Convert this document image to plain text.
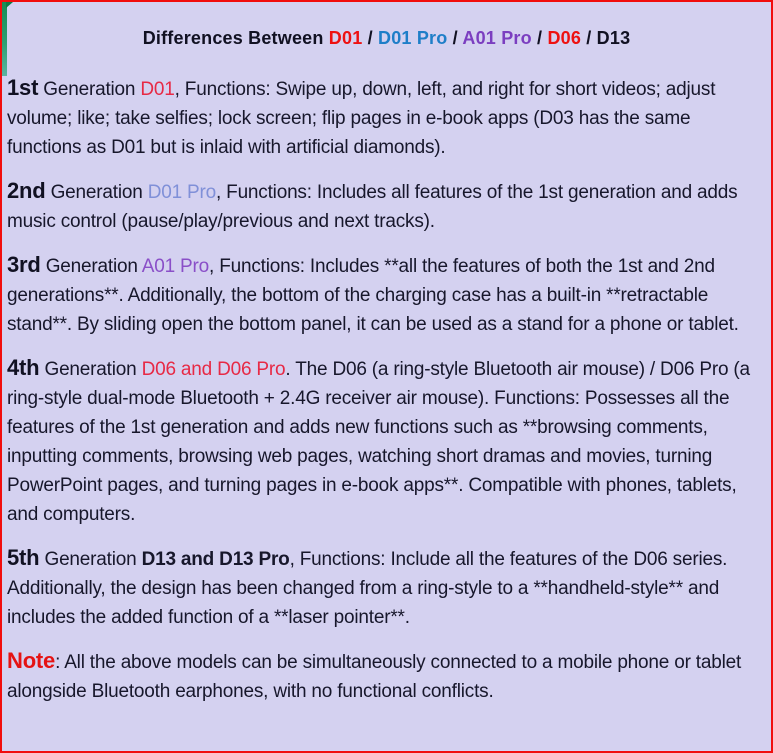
Differences Between D01 / D01 Pro / A01 Pro / D06 / D13

1st Generation D01, Functions: Swipe up, down, left, and right for short videos; adjust volume; like; take selfies; lock screen; flip pages in e-book apps (D03 has the same functions as D01 but is inlaid with artificial diamonds).

2nd Generation D01 Pro, Functions: Includes all features of the 1st generation and adds music control (pause/play/previous and next tracks).

3rd Generation A01 Pro, Functions: Includes **all the features of both the 1st and 2nd generations**. Additionally, the bottom of the charging case has a built-in **retractable stand**. By sliding open the bottom panel, it can be used as a stand for a phone or tablet.

4th Generation D06 and D06 Pro. The D06 (a ring-style Bluetooth air mouse) / D06 Pro (a ring-style dual-mode Bluetooth + 2.4G receiver air mouse). Functions: Possesses all the features of the 1st generation and adds new functions such as **browsing comments, inputting comments, browsing web pages, watching short dramas and movies, turning PowerPoint pages, and turning pages in e-book apps**. Compatible with phones, tablets, and computers.

5th Generation D13 and D13 Pro, Functions: Include all the features of the D06 series. Additionally, the design has been changed from a ring-style to a **handheld-style** and includes the added function of a **laser pointer**.

Note: All the above models can be simultaneously connected to a mobile phone or tablet alongside Bluetooth earphones, with no functional conflicts.
